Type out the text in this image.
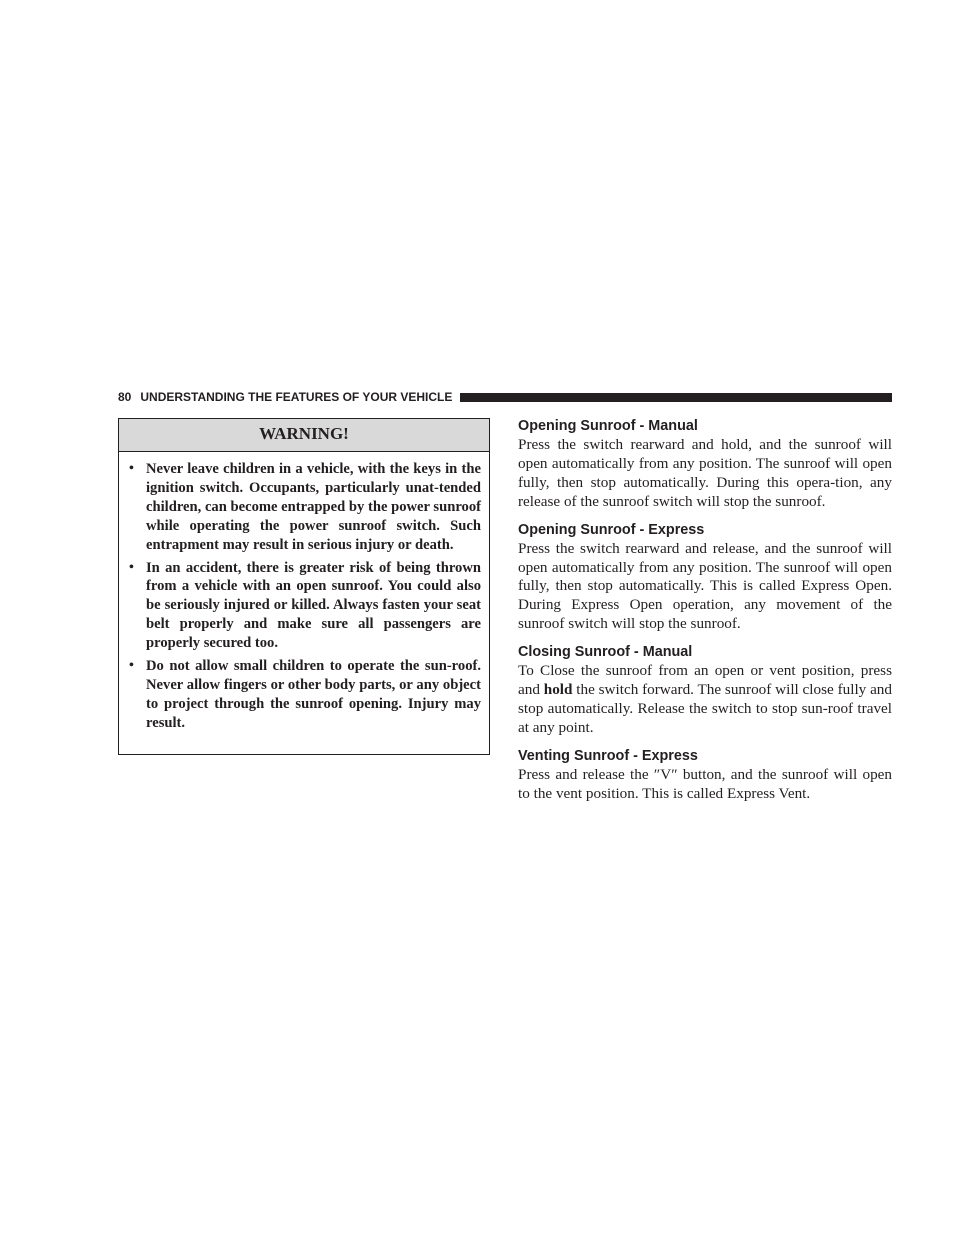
80 UNDERSTANDING THE FEATURES OF YOUR VEHICLE
WARNING!
• Never leave children in a vehicle, with the keys in the ignition switch. Occupants, particularly unat-tended children, can become entrapped by the power sunroof while operating the power sunroof switch. Such entrapment may result in serious injury or death.
• In an accident, there is greater risk of being thrown from a vehicle with an open sunroof. You could also be seriously injured or killed. Always fasten your seat belt properly and make sure all passengers are properly secured too.
• Do not allow small children to operate the sun-roof. Never allow fingers or other body parts, or any object to project through the sunroof opening. Injury may result.
Opening Sunroof - Manual

Press the switch rearward and hold, and the sunroof will open automatically from any position. The sunroof will open fully, then stop automatically. During this opera-tion, any release of the sunroof switch will stop the sunroof.

Opening Sunroof - Express

Press the switch rearward and release, and the sunroof will open automatically from any position. The sunroof will open fully, then stop automatically. This is called Express Open. During Express Open operation, any movement of the sunroof switch will stop the sunroof.

Closing Sunroof - Manual

To Close the sunroof from an open or vent position, press and hold the switch forward. The sunroof will close fully and stop automatically. Release the switch to stop sun-roof travel at any point.

Venting Sunroof - Express

Press and release the ″V″ button, and the sunroof will open to the vent position. This is called Express Vent.
